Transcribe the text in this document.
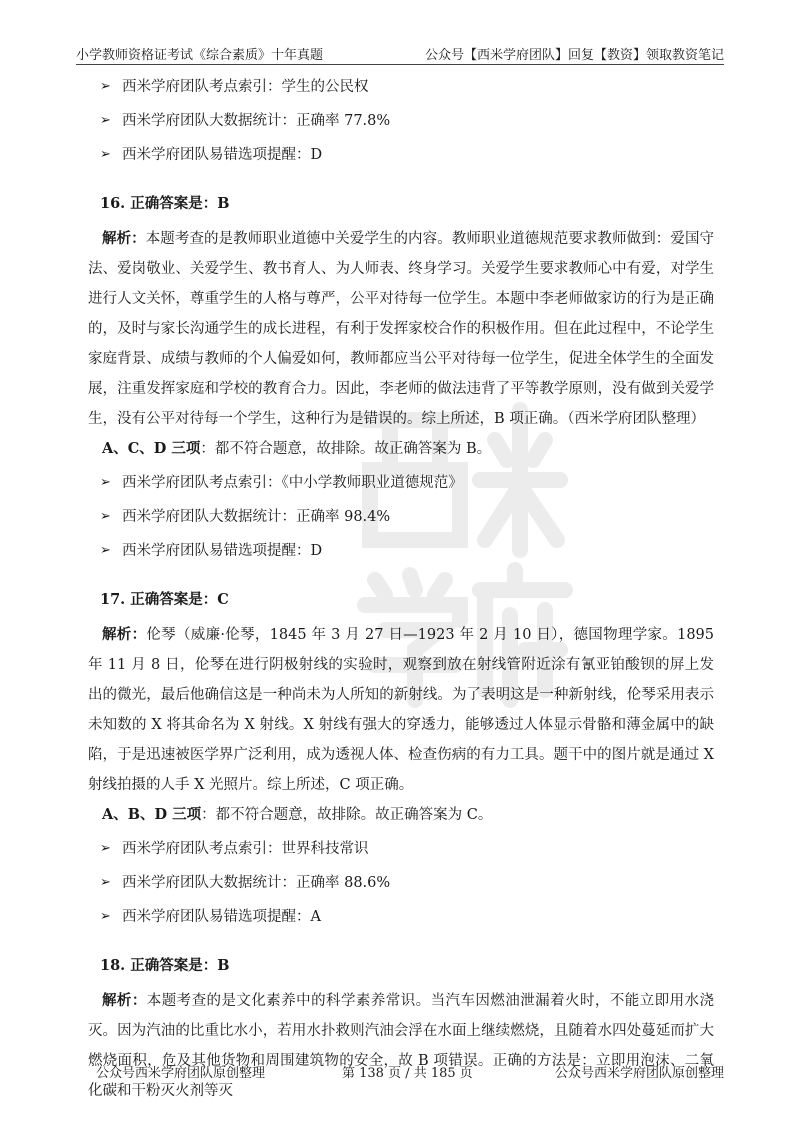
小学教师资格证考试《综合素质》十年真题	公众号【西米学府团队】回复【教资】领取教资笔记
➢ 西米学府团队考点索引：学生的公民权
➢ 西米学府团队大数据统计：正确率 77.8%
➢ 西米学府团队易错选项提醒：D
16. 正确答案是：B

解析：本题考查的是教师职业道德中关爱学生的内容。教师职业道德规范要求教师做到：爱国守法、爱岗敬业、关爱学生、教书育人、为人师表、终身学习。关爱学生要求教师心中有爱，对学生进行人文关怀，尊重学生的人格与尊严，公平对待每一位学生。本题中李老师做家访的行为是正确的，及时与家长沟通学生的成长进程，有利于发挥家校合作的积极作用。但在此过程中，不论学生家庭背景、成绩与教师的个人偏爱如何，教师都应当公平对待每一位学生，促进全体学生的全面发展，注重发挥家庭和学校的教育合力。因此，李老师的做法违背了平等教学原则，没有做到关爱学生，没有公平对待每一个学生，这种行为是错误的。综上所述，B 项正确。（西米学府团队整理）

A、C、D 三项：都不符合题意，故排除。故正确答案为 B。
➢ 西米学府团队考点索引：《中小学教师职业道德规范》
➢ 西米学府团队大数据统计：正确率 98.4%
➢ 西米学府团队易错选项提醒：D
17. 正确答案是：C

解析：伦琴（威廉·伦琴，1845 年 3 月 27 日—1923 年 2 月 10 日），德国物理学家。1895 年 11 月 8 日，伦琴在进行阴极射线的实验时，观察到放在射线管附近涂有氰亚铂酸钡的屏上发出的微光，最后他确信这是一种尚未为人所知的新射线。为了表明这是一种新射线，伦琴采用表示未知数的 X 将其命名为 X 射线。X 射线有强大的穿透力，能够透过人体显示骨骼和薄金属中的缺陷，于是迅速被医学界广泛利用，成为透视人体、检查伤病的有力工具。题干中的图片就是通过 X 射线拍摄的人手 X 光照片。综上所述，C 项正确。

A、B、D 三项：都不符合题意，故排除。故正确答案为 C。
➢ 西米学府团队考点索引：世界科技常识
➢ 西米学府团队大数据统计：正确率 88.6%
➢ 西米学府团队易错选项提醒：A
18. 正确答案是：B

解析：本题考查的是文化素养中的科学素养常识。当汽车因燃油泄漏着火时，不能立即用水浇灭。因为汽油的比重比水小，若用水扑救则汽油会浮在水面上继续燃烧，且随着水四处蔓延而扩大燃烧面积，危及其他货物和周围建筑物的安全，故 B 项错误。正确的方法是：立即用泡沫、二氧化碳和干粉灭火剂等灭

公众号西米学府团队原创整理	第 138 页 / 共 185 页	公众号西米学府团队原创整理
